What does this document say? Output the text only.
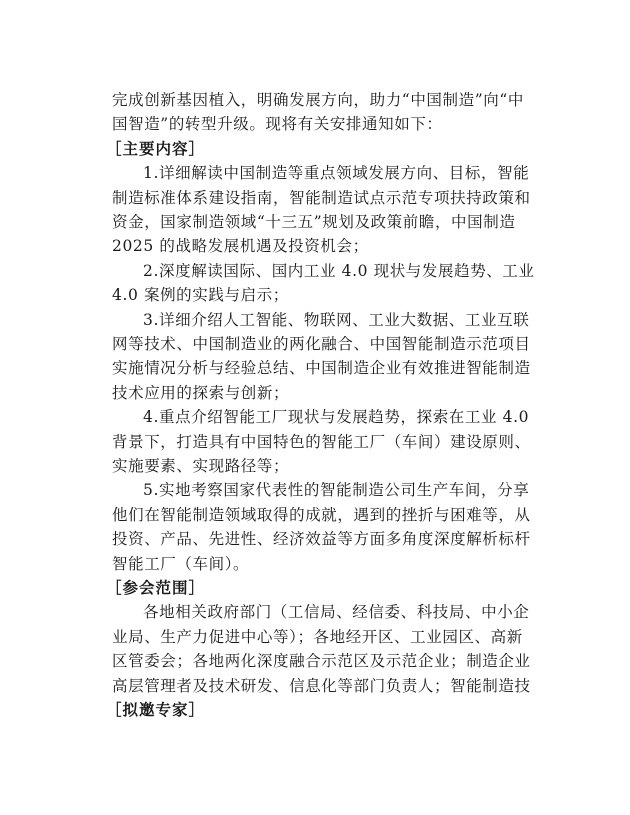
完成创新基因植入，明确发展方向，助力“中国制造”向“中
国智造”的转型升级。现将有关安排通知如下：
［主要内容］
1.详细解读中国制造等重点领域发展方向、目标，智能
制造标准体系建设指南，智能制造试点示范专项扶持政策和
资金，国家制造领域“十三五”规划及政策前瞻，中国制造
2025 的战略发展机遇及投资机会；
2.深度解读国际、国内工业 4.0 现状与发展趋势、工业
4.0 案例的实践与启示；
3.详细介绍人工智能、物联网、工业大数据、工业互联
网等技术、中国制造业的两化融合、中国智能制造示范项目
实施情况分析与经验总结、中国制造企业有效推进智能制造
技术应用的探索与创新；
4.重点介绍智能工厂现状与发展趋势，探索在工业 4.0
背景下，打造具有中国特色的智能工厂（车间）建设原则、
实施要素、实现路径等；
5.实地考察国家代表性的智能制造公司生产车间，分享
他们在智能制造领域取得的成就，遇到的挫折与困难等，从
投资、产品、先进性、经济效益等方面多角度深度解析标杆
智能工厂（车间）。
［参会范围］
各地相关政府部门（工信局、经信委、科技局、中小企
业局、生产力促进中心等）；各地经开区、工业园区、高新
区管委会；各地两化深度融合示范区及示范企业；制造企业
高层管理者及技术研发、信息化等部门负责人；智能制造技
［拟邀专家］
